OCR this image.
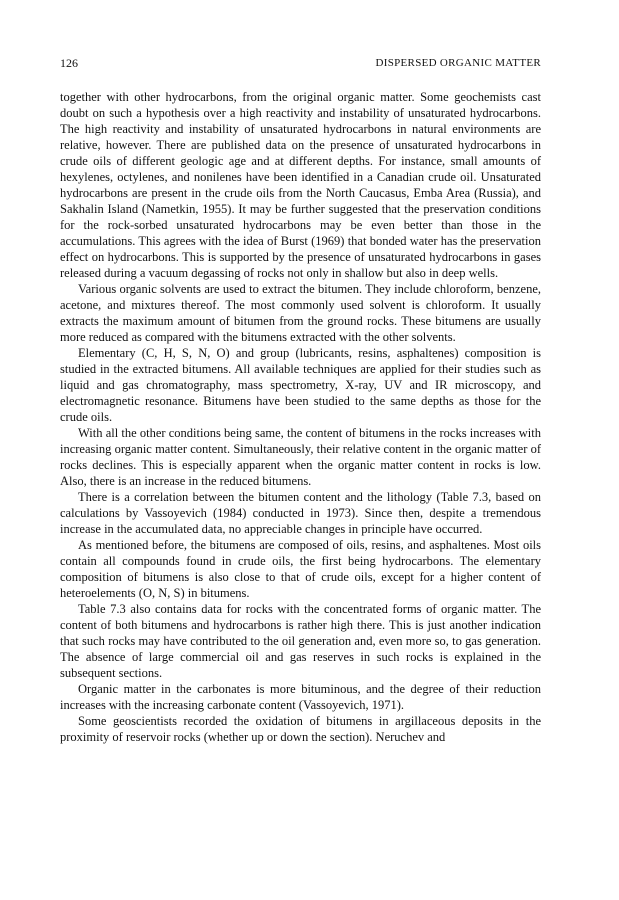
126	DISPERSED ORGANIC MATTER

together with other hydrocarbons, from the original organic matter. Some geochemists cast doubt on such a hypothesis over a high reactivity and instability of unsaturated hydrocarbons. The high reactivity and instability of unsaturated hydrocarbons in natural environments are relative, however. There are published data on the presence of unsaturated hydrocarbons in crude oils of different geologic age and at different depths. For instance, small amounts of hexylenes, octylenes, and nonilenes have been identified in a Canadian crude oil. Unsaturated hydrocarbons are present in the crude oils from the North Caucasus, Emba Area (Russia), and Sakhalin Island (Nametkin, 1955). It may be further suggested that the preservation conditions for the rock-sorbed unsaturated hydrocarbons may be even better than those in the accumulations. This agrees with the idea of Burst (1969) that bonded water has the preservation effect on hydrocarbons. This is supported by the presence of unsaturated hydrocarbons in gases released during a vacuum degassing of rocks not only in shallow but also in deep wells.

Various organic solvents are used to extract the bitumen. They include chloroform, benzene, acetone, and mixtures thereof. The most commonly used solvent is chloroform. It usually extracts the maximum amount of bitumen from the ground rocks. These bitumens are usually more reduced as compared with the bitumens extracted with the other solvents.

Elementary (C, H, S, N, O) and group (lubricants, resins, asphaltenes) composition is studied in the extracted bitumens. All available techniques are applied for their studies such as liquid and gas chromatography, mass spectrometry, X-ray, UV and IR microscopy, and electromagnetic resonance. Bitumens have been studied to the same depths as those for the crude oils.

With all the other conditions being same, the content of bitumens in the rocks increases with increasing organic matter content. Simultaneously, their relative content in the organic matter of rocks declines. This is especially apparent when the organic matter content in rocks is low. Also, there is an increase in the reduced bitumens.

There is a correlation between the bitumen content and the lithology (Table 7.3, based on calculations by Vassoyevich (1984) conducted in 1973). Since then, despite a tremendous increase in the accumulated data, no appreciable changes in principle have occurred.

As mentioned before, the bitumens are composed of oils, resins, and asphaltenes. Most oils contain all compounds found in crude oils, the first being hydrocarbons. The elementary composition of bitumens is also close to that of crude oils, except for a higher content of heteroelements (O, N, S) in bitumens.

Table 7.3 also contains data for rocks with the concentrated forms of organic matter. The content of both bitumens and hydrocarbons is rather high there. This is just another indication that such rocks may have contributed to the oil generation and, even more so, to gas generation. The absence of large commercial oil and gas reserves in such rocks is explained in the subsequent sections.

Organic matter in the carbonates is more bituminous, and the degree of their reduction increases with the increasing carbonate content (Vassoyevich, 1971).

Some geoscientists recorded the oxidation of bitumens in argillaceous deposits in the proximity of reservoir rocks (whether up or down the section). Neruchev and
